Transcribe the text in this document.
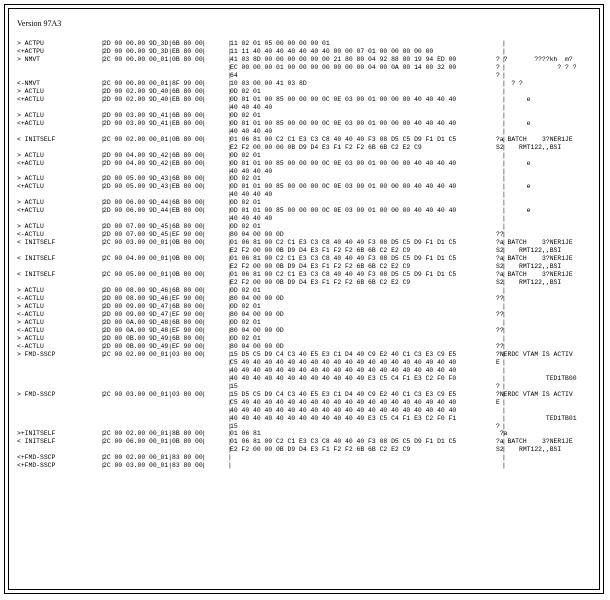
Version 97A3
> ACTPU	| 2D 00 00.00 9D_3D|6B 80 00 |	| 11 02 01 05 00 00 00 00 01 |
<+ACTPU	| 2D 00 00.00 9D_3D|EB 80 00 |	| 11 11 40 40 40 40 40 40 40 00 00 07 01 00 00 00 00 00 |
> NMVT	| 2C 00 00.00 00_01|0B 80 00 |	| 41 03 8D 00 00 00 00 00 00 21 80 80 04 92 88 00 19 94 ED 00 |	? ?       ????kh  m?
| EC 00 00 00 01 00 00 00 00 00 00 00 04 00 0A 00 14 00 32 00 |	?               ? ? ?
| 64 |	?
<-NMVT	| 2C 00 00.00 00_01|8F 90 00 |	| 10 03 00 00 41 03 8D |	? ?
> ACTLU	| 2D 00 02.00 9D_40|6B 80 00 |	| 0D 02 01 |
<+ACTLU	| 2D 00 02.00 9D_40|EB 80 00 |	| 0D 01 01 00 85 00 00 00 0C 0E 03 00 01 00 00 00 40 40 40 40 |	e
| 40 40 40 40 |
> ACTLU	| 2D 00 03.00 9D_41|6B 80 00 |	| 0D 02 01 |
<+ACTLU	| 2D 00 03.00 9D_41|EB 80 00 |	| 0D 01 01 00 85 00 00 00 0C 0E 03 00 01 00 00 00 40 40 40 40 |	e
| 40 40 40 40 |
< INITSELF	| 2C 00 02.00 00_01|0B 80 00 |	| 01 06 81 00 C2 C1 E3 C3 C8 40 40 40 F3 08 D5 C5 D9 F1 D1 C5 |	?a BATCH    3?NER1JE
| E2 F2 00 00 00 0B D9 D4 E3 F1 F2 F2 6B 6B C2 E2 C9 |	S2    RMT122,,BSI
> ACTLU	| 2D 00 04.00 9D_42|6B 80 00 |	| 0D 02 01 |
<+ACTLU	| 2D 00 04.00 9D_42|EB 80 00 |	| 0D 01 01 00 85 00 00 00 0C 0E 03 00 01 00 00 00 40 40 40 40 |	e
| 40 40 40 40 |
> ACTLU	| 2D 00 05.00 9D_43|6B 80 00 |	| 0D 02 01 |
<+ACTLU	| 2D 00 05.00 9D_43|EB 80 00 |	| 0D 01 01 00 85 00 00 00 0C 0E 03 00 01 00 00 00 40 40 40 40 |	e
| 40 40 40 40 |
> ACTLU	| 2D 00 06.00 9D_44|6B 80 00 |	| 0D 02 01 |
<+ACTLU	| 2D 00 06.00 9D_44|EB 80 00 |	| 0D 01 01 00 85 00 00 00 0C 0E 03 00 01 00 00 00 40 40 40 40 |	e
| 40 40 40 40 |
> ACTLU	| 2D 00 07.00 9D_45|6B 80 00 |	| 0D 02 01 |
<-ACTLU	| 2D 00 07.00 9D_45|EF 90 00 |	| 80 04 00 00 0D |	??
< INITSELF	| 2C 00 03.00 00_01|0B 80 00 |	| 01 06 81 00 C2 C1 E3 C3 C8 40 40 40 F3 08 D5 C5 D9 F1 D1 C5 |	?a BATCH    3?NER1JE
| E2 F2 00 00 0B D9 D4 E3 F1 F2 F2 6B 6B C2 E2 C9 |	S2    RMT122,,BSI
< INITSELF	| 2C 00 04.00 00_01|0B 80 00 |	| 01 06 81 00 C2 C1 E3 C3 C8 40 40 40 F3 08 D5 C5 D9 F1 D1 C5 |	?a BATCH    3?NER1JE
| E2 F2 00 00 0B D9 D4 E3 F1 F2 F2 6B 6B C2 E2 C9 |	S2    RMT122,,BSI
< INITSELF	| 2C 00 05.00 00_01|0B 80 00 |	| 01 06 81 00 C2 C1 E3 C3 C8 40 40 40 F3 08 D5 C5 D9 F1 D1 C5 |	?a BATCH    3?NER1JE
| E2 F2 00 00 0B D9 D4 E3 F1 F2 F2 6B 6B C2 E2 C9 |	S2    RMT122,,BSI
> ACTLU	| 2D 00 08.00 9D_46|6B 80 00 |	| 0D 02 01 |
<-ACTLU	| 2D 00 08.00 9D_46|EF 90 00 |	| 80 04 00 00 0D |	??
> ACTLU	| 2D 00 09.00 9D_47|6B 80 00 |	| 0D 02 01 |
<-ACTLU	| 2D 00 09.00 9D_47|EF 90 00 |	| 80 04 00 00 0D |	??
> ACTLU	| 2D 00 0A.00 9D_48|6B 80 00 |	| 0D 02 01 |
<-ACTLU	| 2D 00 0A.00 9D_48|EF 90 00 |	| 80 04 00 00 0D |	??
> ACTLU	| 2D 00 0B.00 9D_49|6B 80 00 |	| 0D 02 01 |
<-ACTLU	| 2D 00 0B.00 9D_49|EF 90 00 |	| 80 04 00 00 0D |	??
> FMD-SSCP	| 2C 00 02.00 00_01|03 80 00 |	| 15 D5 C5 D9 C4 C3 40 E5 E3 C1 D4 40 C9 E2 40 C1 C3 E3 C9 E5 |	?NERDC VTAM IS ACTIV
| C5 40 40 40 40 40 40 40 40 40 40 40 40 40 40 40 40 40 40 40 |	E
| 40 40 40 40 40 40 40 40 40 40 40 40 40 40 40 40 40 40 40 40 |
| 40 40 40 40 40 40 40 40 40 40 40 40 E3 C5 C4 F1 E3 C2 F0 F0 |	TED1TB00
| 15 |	?
> FMD-SSCP	| 2C 00 03.00 00_01|03 80 00 |	| 15 D5 C5 D9 C4 C3 40 E5 E3 C1 D4 40 C9 E2 40 C1 C3 E3 C9 E5 |	?NERDC VTAM IS ACTIV
| C5 40 40 40 40 40 40 40 40 40 40 40 40 40 40 40 40 40 40 40 |	E
| 40 40 40 40 40 40 40 40 40 40 40 40 40 40 40 40 40 40 40 40 |
| 40 40 40 40 40 40 40 40 40 40 40 40 E3 C5 C4 F1 E3 C2 F0 F1 |	TED1TB01
| 15 |	?
>+INITSELF	| 2C 00 02.00 00_01|8B 80 00 |	| 01 06 81 |	?a
< INITSELF	| 2C 00 06.00 00_01|0B 80 00 |	| 01 06 81 00 C2 C1 E3 C3 C8 40 40 40 F3 08 D5 C5 D9 F1 D1 C5 |	?a BATCH    3?NER1JE
| E2 F2 00 00 0B D9 D4 E3 F1 F2 F2 6B 6B C2 E2 C9 |	S2    RMT122,,BSI
<+FMD-SSCP	| 2C 00 02.00 00_01|83 80 00 |
<+FMD-SSCP	| 2C 00 03.00 00_01|83 80 00 |
